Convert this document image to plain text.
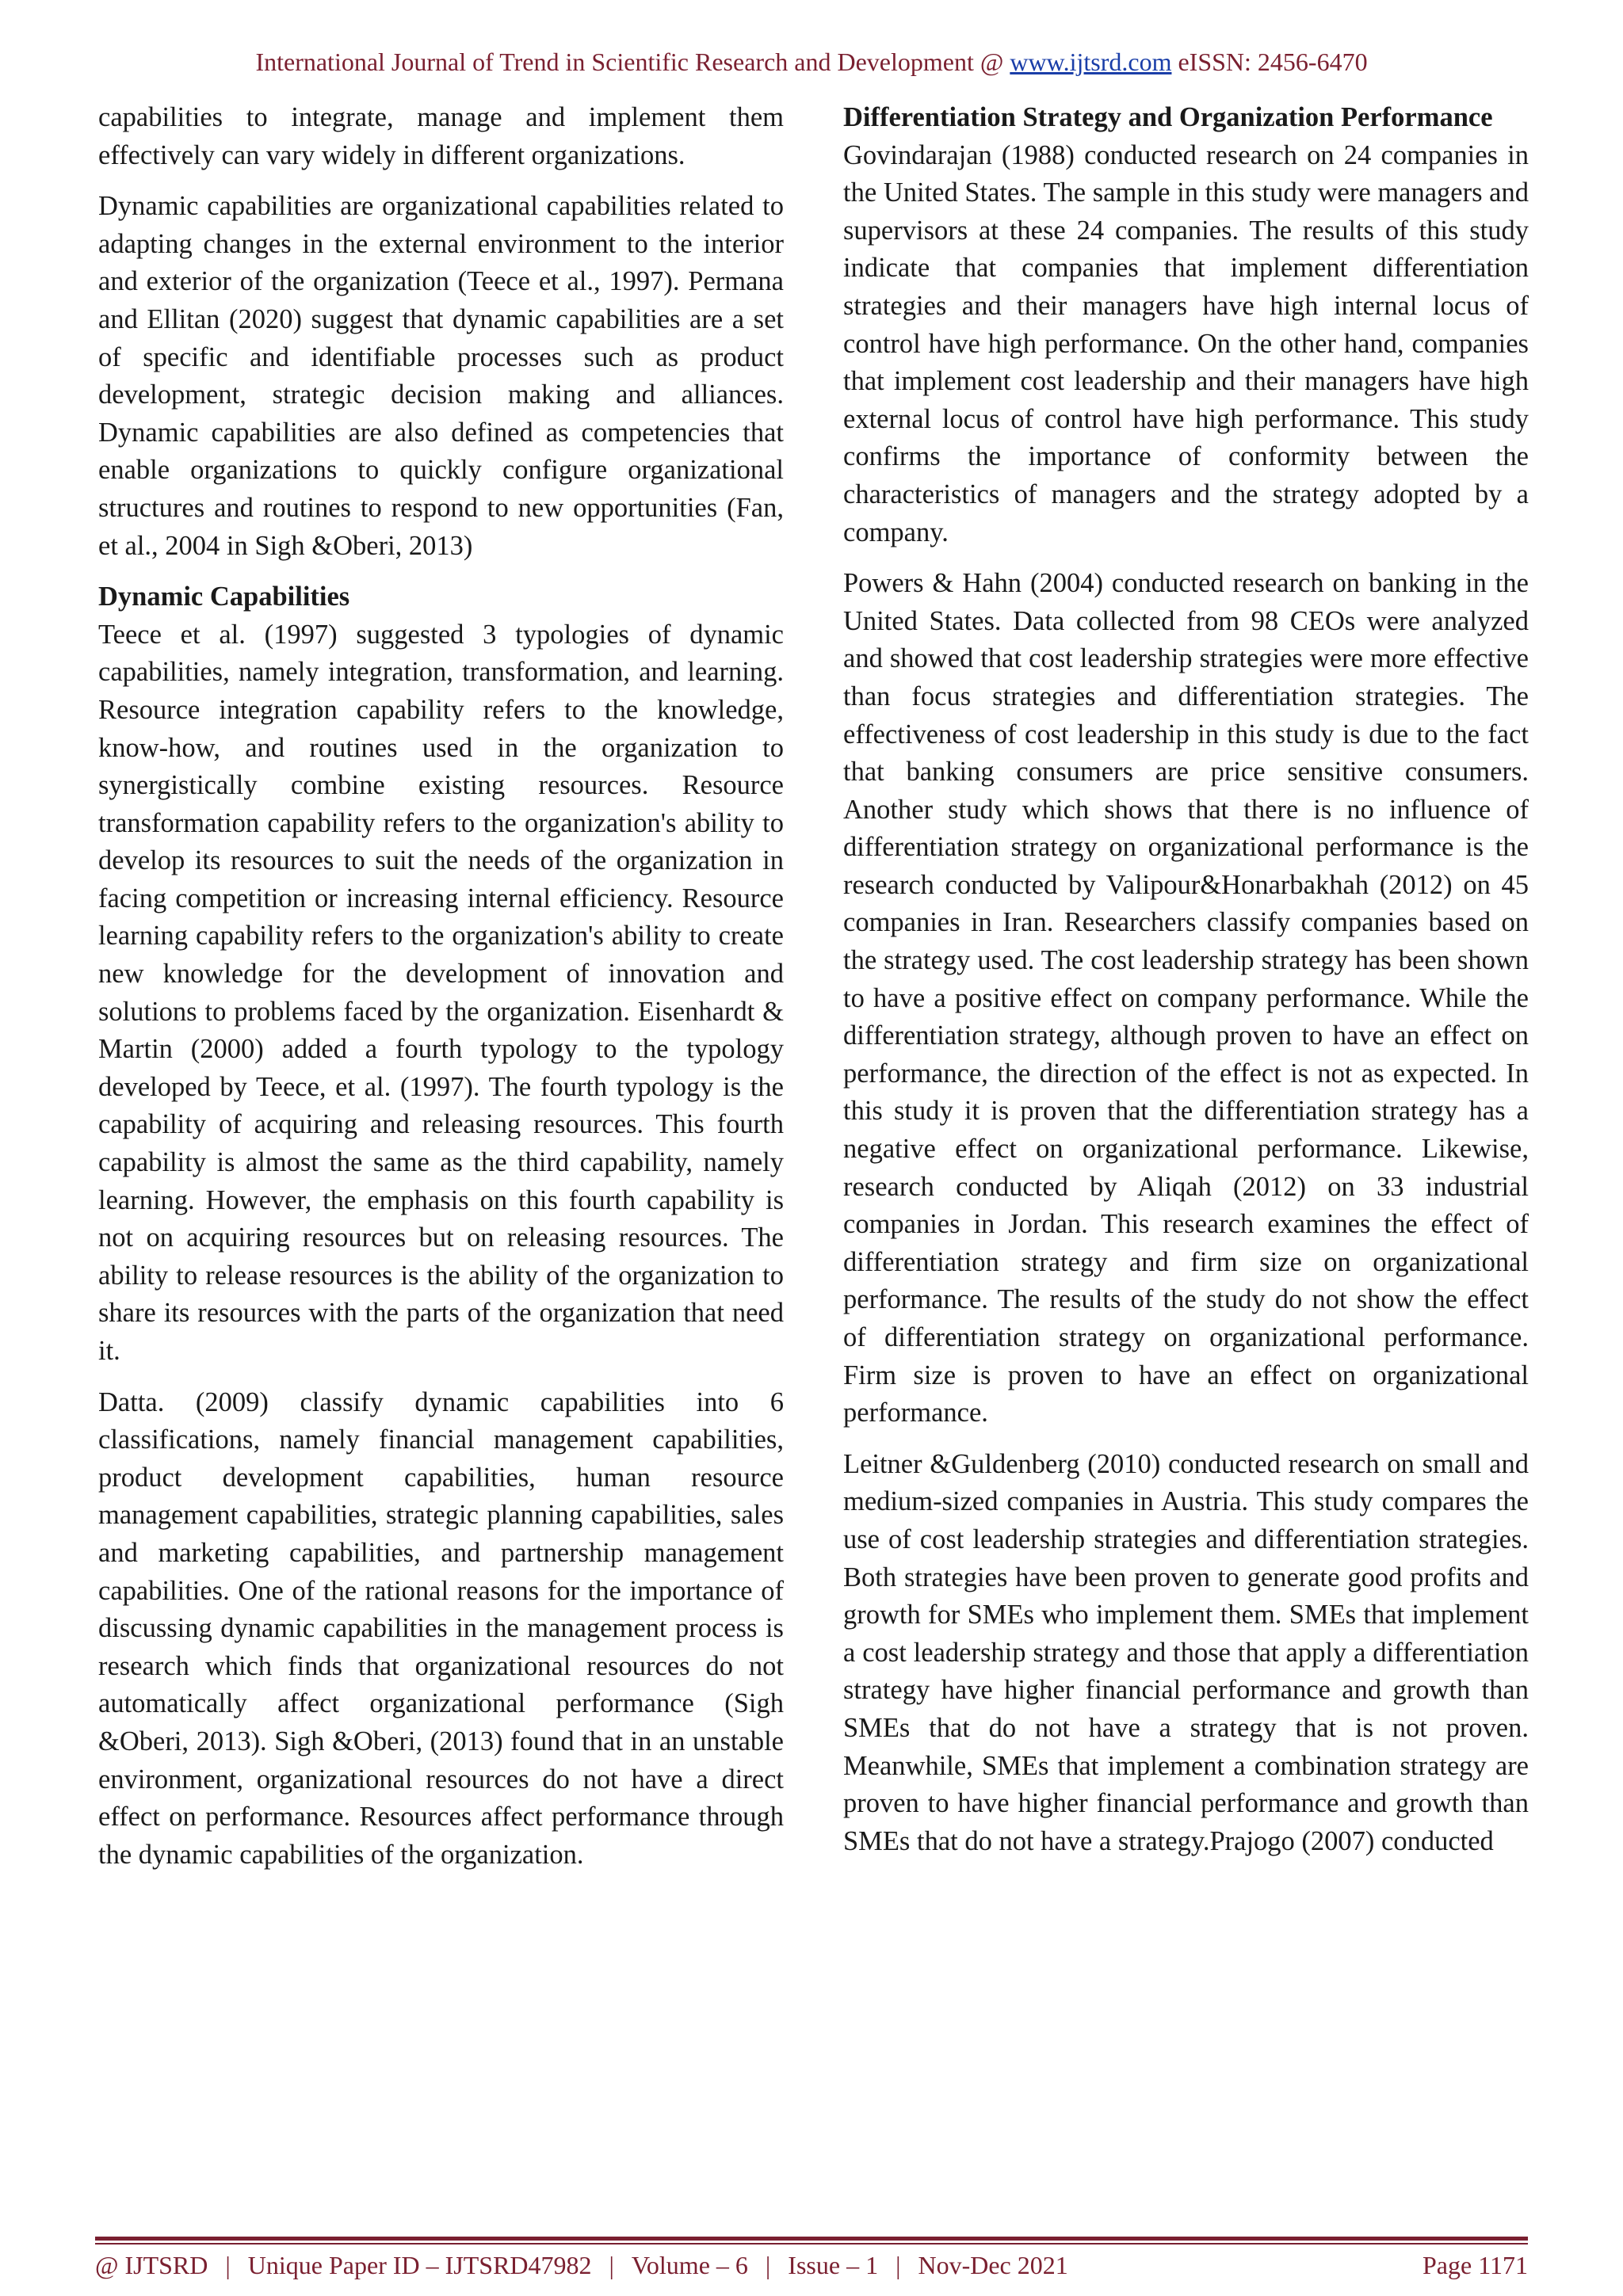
International Journal of Trend in Scientific Research and Development @ www.ijtsrd.com eISSN: 2456-6470

capabilities to integrate, manage and implement them effectively can vary widely in different organizations.

Dynamic capabilities are organizational capabilities related to adapting changes in the external environment to the interior and exterior of the organization (Teece et al., 1997). Permana and Ellitan (2020) suggest that dynamic capabilities are a set of specific and identifiable processes such as product development, strategic decision making and alliances. Dynamic capabilities are also defined as competencies that enable organizations to quickly configure organizational structures and routines to respond to new opportunities (Fan, et al., 2004 in Sigh &Oberi, 2013)

Dynamic Capabilities

Teece et al. (1997) suggested 3 typologies of dynamic capabilities, namely integration, transformation, and learning. Resource integration capability refers to the knowledge, know-how, and routines used in the organization to synergistically combine existing resources. Resource transformation capability refers to the organization's ability to develop its resources to suit the needs of the organization in facing competition or increasing internal efficiency. Resource learning capability refers to the organization's ability to create new knowledge for the development of innovation and solutions to problems faced by the organization. Eisenhardt & Martin (2000) added a fourth typology to the typology developed by Teece, et al. (1997). The fourth typology is the capability of acquiring and releasing resources. This fourth capability is almost the same as the third capability, namely learning. However, the emphasis on this fourth capability is not on acquiring resources but on releasing resources. The ability to release resources is the ability of the organization to share its resources with the parts of the organization that need it.

Datta. (2009) classify dynamic capabilities into 6 classifications, namely financial management capabilities, product development capabilities, human resource management capabilities, strategic planning capabilities, sales and marketing capabilities, and partnership management capabilities. One of the rational reasons for the importance of discussing dynamic capabilities in the management process is research which finds that organizational resources do not automatically affect organizational performance (Sigh &Oberi, 2013). Sigh &Oberi, (2013) found that in an unstable environment, organizational resources do not have a direct effect on performance. Resources affect performance through the dynamic capabilities of the organization.

Differentiation Strategy and Organization Performance

Govindarajan (1988) conducted research on 24 companies in the United States. The sample in this study were managers and supervisors at these 24 companies. The results of this study indicate that companies that implement differentiation strategies and their managers have high internal locus of control have high performance. On the other hand, companies that implement cost leadership and their managers have high external locus of control have high performance. This study confirms the importance of conformity between the characteristics of managers and the strategy adopted by a company.

Powers & Hahn (2004) conducted research on banking in the United States. Data collected from 98 CEOs were analyzed and showed that cost leadership strategies were more effective than focus strategies and differentiation strategies. The effectiveness of cost leadership in this study is due to the fact that banking consumers are price sensitive consumers. Another study which shows that there is no influence of differentiation strategy on organizational performance is the research conducted by Valipour&Honarbakhah (2012) on 45 companies in Iran. Researchers classify companies based on the strategy used. The cost leadership strategy has been shown to have a positive effect on company performance. While the differentiation strategy, although proven to have an effect on performance, the direction of the effect is not as expected. In this study it is proven that the differentiation strategy has a negative effect on organizational performance. Likewise, research conducted by Aliqah (2012) on 33 industrial companies in Jordan. This research examines the effect of differentiation strategy and firm size on organizational performance. The results of the study do not show the effect of differentiation strategy on organizational performance. Firm size is proven to have an effect on organizational performance.

Leitner &Guldenberg (2010) conducted research on small and medium-sized companies in Austria. This study compares the use of cost leadership strategies and differentiation strategies. Both strategies have been proven to generate good profits and growth for SMEs who implement them. SMEs that implement a cost leadership strategy and those that apply a differentiation strategy have higher financial performance and growth than SMEs that do not have a strategy that is not proven. Meanwhile, SMEs that implement a combination strategy are proven to have higher financial performance and growth than SMEs that do not have a strategy.Prajogo (2007) conducted

@ IJTSRD | Unique Paper ID – IJTSRD47982 | Volume – 6 | Issue – 1 | Nov-Dec 2021	Page 1171
